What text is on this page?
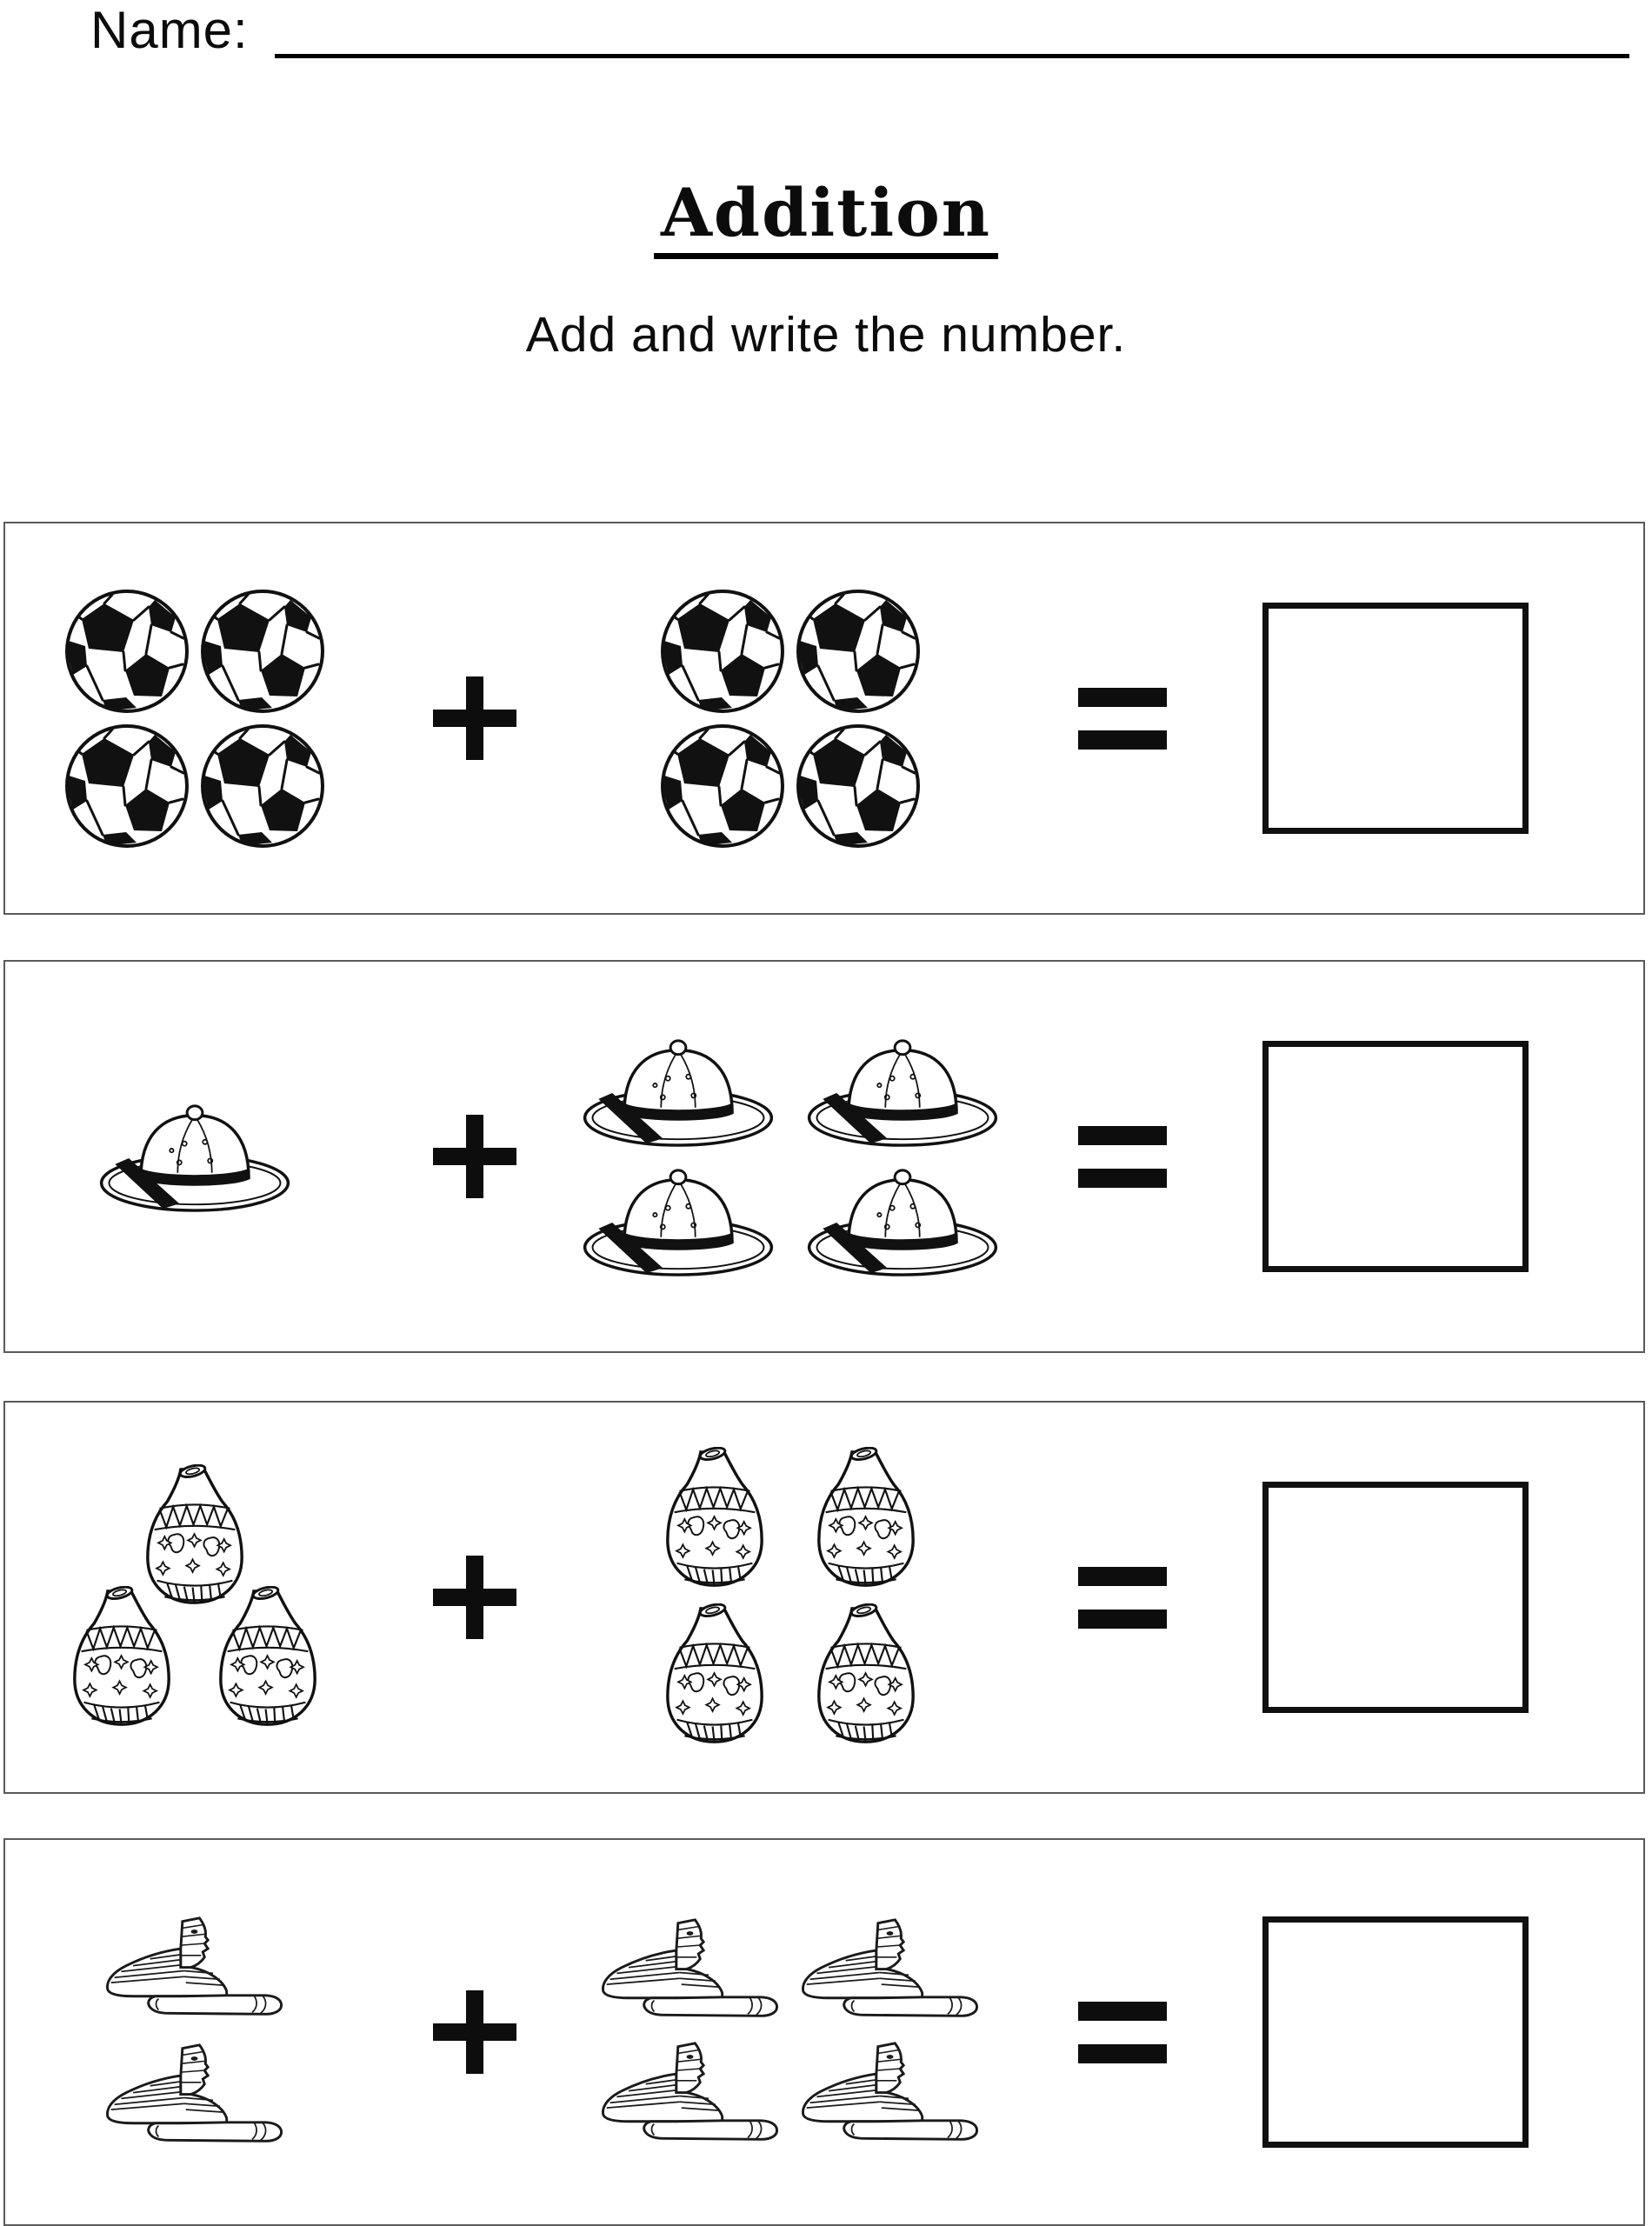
Name:
Addition
Add and write the number.
